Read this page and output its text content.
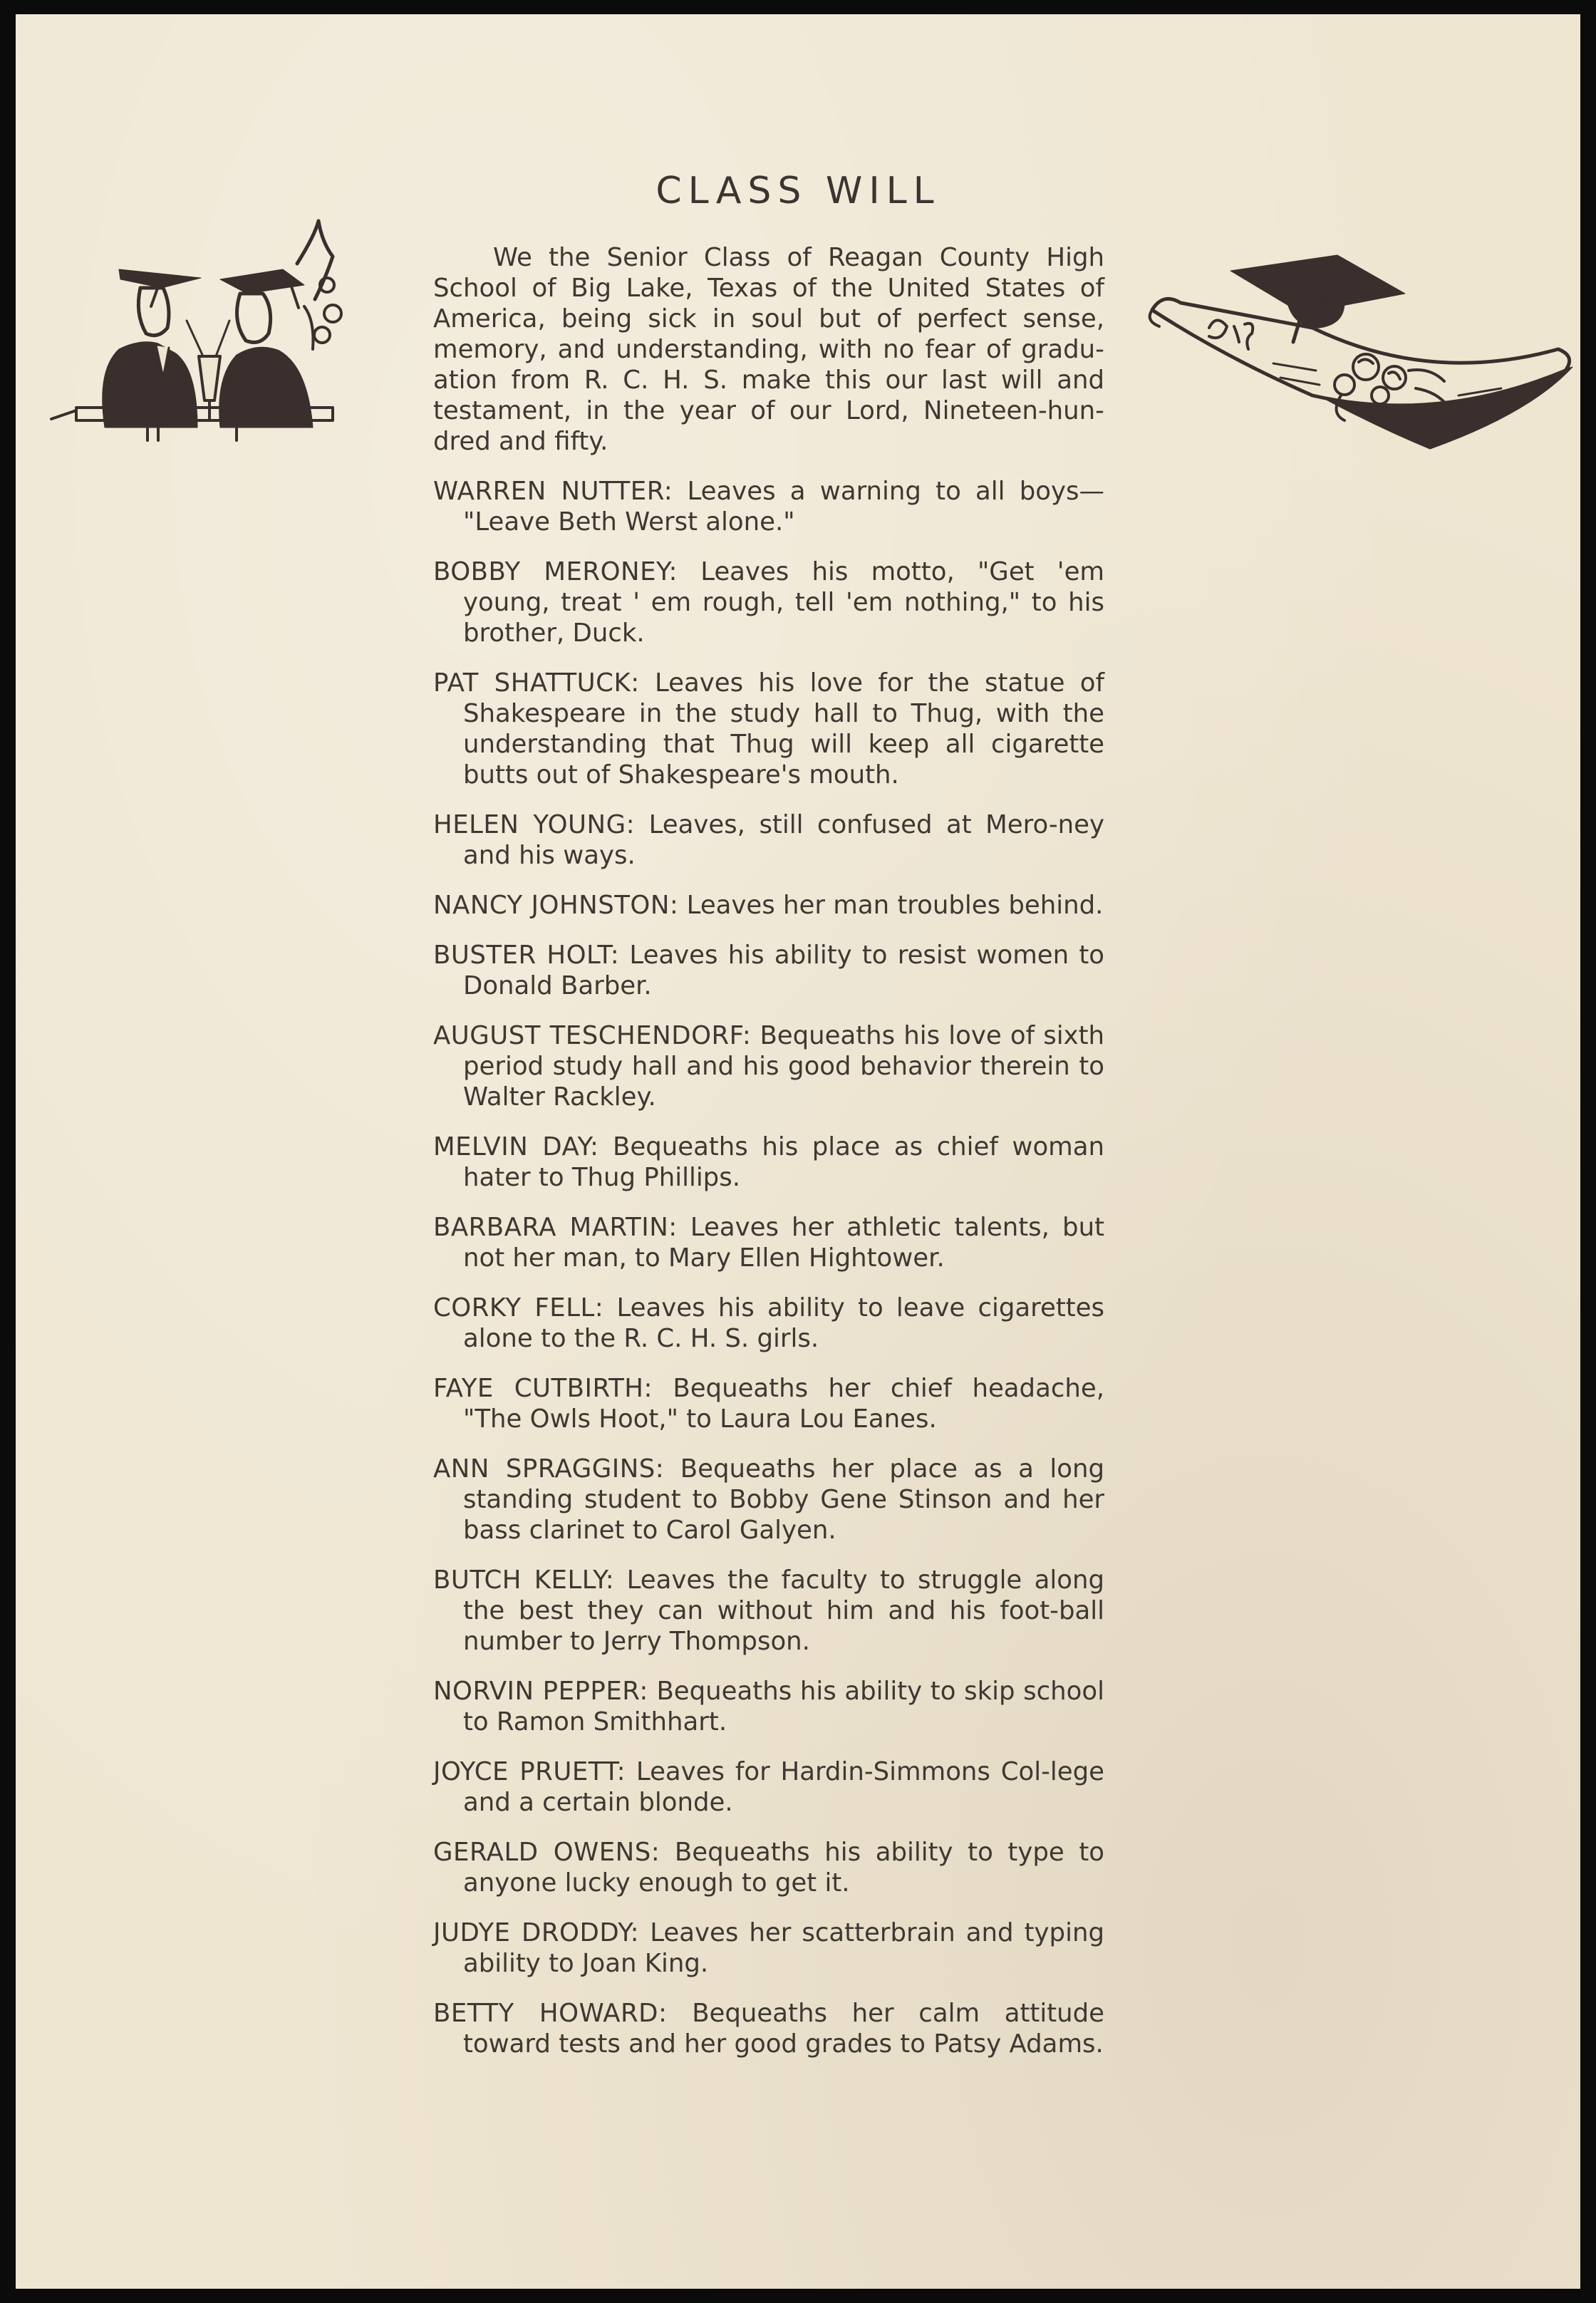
CLASS WILL

We the Senior Class of Reagan County High School of Big Lake, Texas of the United States of America, being sick in soul but of perfect sense, memory, and understanding, with no fear of gradu-ation from R. C. H. S. make this our last will and testament, in the year of our Lord, Nineteen-hun-dred and fifty.

WARREN NUTTER: Leaves a warning to all boys— "Leave Beth Werst alone."

BOBBY MERONEY: Leaves his motto, "Get 'em young, treat ' em rough, tell 'em nothing," to his brother, Duck.

PAT SHATTUCK: Leaves his love for the statue of Shakespeare in the study hall to Thug, with the understanding that Thug will keep all cigarette butts out of Shakespeare's mouth.

HELEN YOUNG: Leaves, still confused at Mero-ney and his ways.

NANCY JOHNSTON: Leaves her man troubles behind.

BUSTER HOLT: Leaves his ability to resist women to Donald Barber.

AUGUST TESCHENDORF: Bequeaths his love of sixth period study hall and his good behavior therein to Walter Rackley.

MELVIN DAY: Bequeaths his place as chief woman hater to Thug Phillips.

BARBARA MARTIN: Leaves her athletic talents, but not her man, to Mary Ellen Hightower.

CORKY FELL: Leaves his ability to leave cigarettes alone to the R. C. H. S. girls.

FAYE CUTBIRTH: Bequeaths her chief headache, "The Owls Hoot," to Laura Lou Eanes.

ANN SPRAGGINS: Bequeaths her place as a long standing student to Bobby Gene Stinson and her bass clarinet to Carol Galyen.

BUTCH KELLY: Leaves the faculty to struggle along the best they can without him and his foot-ball number to Jerry Thompson.

NORVIN PEPPER: Bequeaths his ability to skip school to Ramon Smithhart.

JOYCE PRUETT: Leaves for Hardin-Simmons Col-lege and a certain blonde.

GERALD OWENS: Bequeaths his ability to type to anyone lucky enough to get it.

JUDYE DRODDY: Leaves her scatterbrain and typing ability to Joan King.

BETTY HOWARD: Bequeaths her calm attitude toward tests and her good grades to Patsy Adams.
